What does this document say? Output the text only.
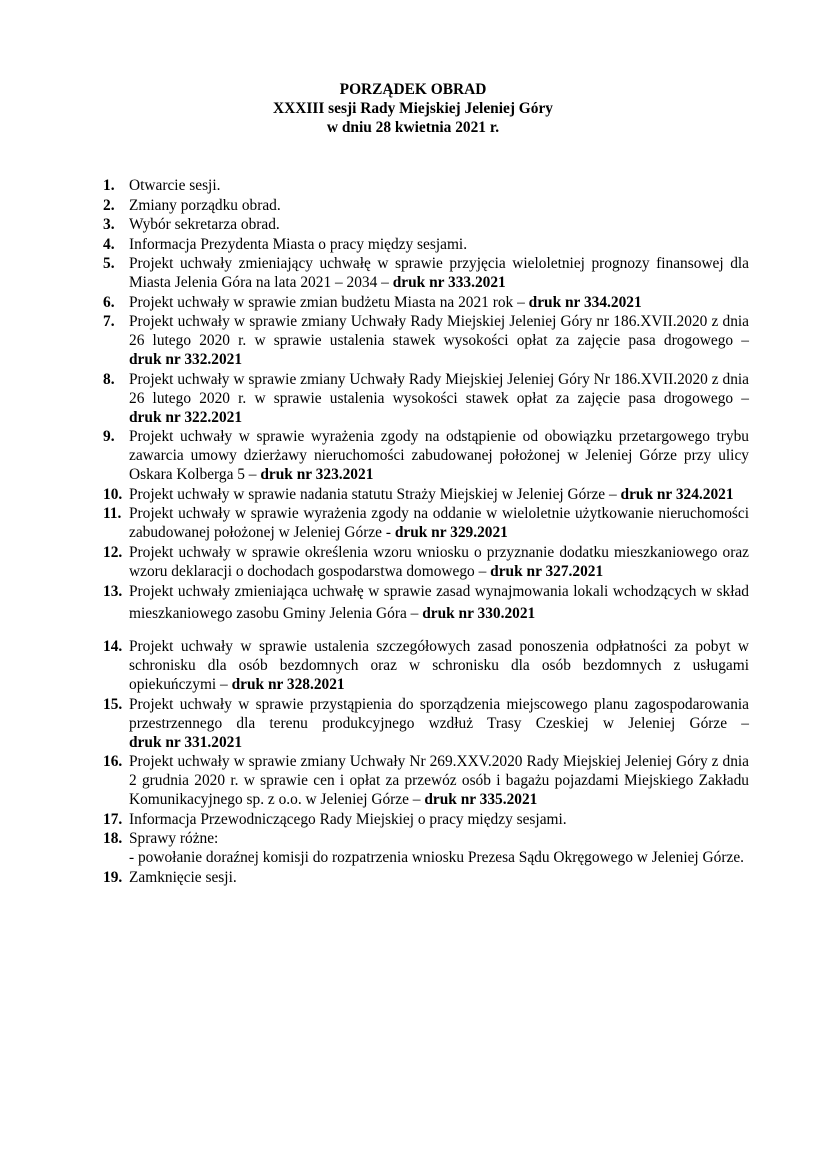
PORZĄDEK OBRAD
XXXIII sesji Rady Miejskiej Jeleniej Góry
w dniu 28 kwietnia 2021 r.
1. Otwarcie sesji.
2. Zmiany porządku obrad.
3. Wybór sekretarza obrad.
4. Informacja Prezydenta Miasta o pracy między sesjami.
5. Projekt uchwały zmieniający uchwałę w sprawie przyjęcia wieloletniej prognozy finansowej dla Miasta Jelenia Góra na lata 2021 – 2034 – druk nr 333.2021
6. Projekt uchwały w sprawie zmian budżetu Miasta na 2021 rok – druk nr 334.2021
7. Projekt uchwały w sprawie zmiany Uchwały Rady Miejskiej Jeleniej Góry nr 186.XVII.2020 z dnia 26 lutego 2020 r. w sprawie ustalenia stawek wysokości opłat za zajęcie pasa drogowego – druk nr 332.2021
8. Projekt uchwały w sprawie zmiany Uchwały Rady Miejskiej Jeleniej Góry Nr 186.XVII.2020 z dnia 26 lutego 2020 r. w sprawie ustalenia wysokości stawek opłat za zajęcie pasa drogowego – druk nr 322.2021
9. Projekt uchwały w sprawie wyrażenia zgody na odstąpienie od obowiązku przetargowego trybu zawarcia umowy dzierżawy nieruchomości zabudowanej położonej w Jeleniej Górze przy ulicy Oskara Kolberga 5 – druk nr 323.2021
10. Projekt uchwały w sprawie nadania statutu Straży Miejskiej w Jeleniej Górze – druk nr 324.2021
11. Projekt uchwały w sprawie wyrażenia zgody na oddanie w wieloletnie użytkowanie nieruchomości zabudowanej położonej w Jeleniej Górze - druk nr 329.2021
12. Projekt uchwały w sprawie określenia wzoru wniosku o przyznanie dodatku mieszkaniowego oraz wzoru deklaracji o dochodach gospodarstwa domowego – druk nr 327.2021
13. Projekt uchwały zmieniająca uchwałę w sprawie zasad wynajmowania lokali wchodzących w skład mieszkaniowego zasobu Gminy Jelenia Góra – druk nr 330.2021
14. Projekt uchwały w sprawie ustalenia szczegółowych zasad ponoszenia odpłatności za pobyt w schronisku dla osób bezdomnych oraz w schronisku dla osób bezdomnych z usługami opiekuńczymi – druk nr 328.2021
15. Projekt uchwały w sprawie przystąpienia do sporządzenia miejscowego planu zagospodarowania przestrzennego dla terenu produkcyjnego wzdłuż Trasy Czeskiej w Jeleniej Górze – druk nr 331.2021
16. Projekt uchwały w sprawie zmiany Uchwały Nr 269.XXV.2020 Rady Miejskiej Jeleniej Góry z dnia 2 grudnia 2020 r. w sprawie cen i opłat za przewóz osób i bagażu pojazdami Miejskiego Zakładu Komunikacyjnego sp. z o.o. w Jeleniej Górze – druk nr 335.2021
17. Informacja Przewodniczącego Rady Miejskiej o pracy między sesjami.
18. Sprawy różne:
- powołanie doraźnej komisji do rozpatrzenia wniosku Prezesa Sądu Okręgowego w Jeleniej Górze.
19. Zamknięcie sesji.
